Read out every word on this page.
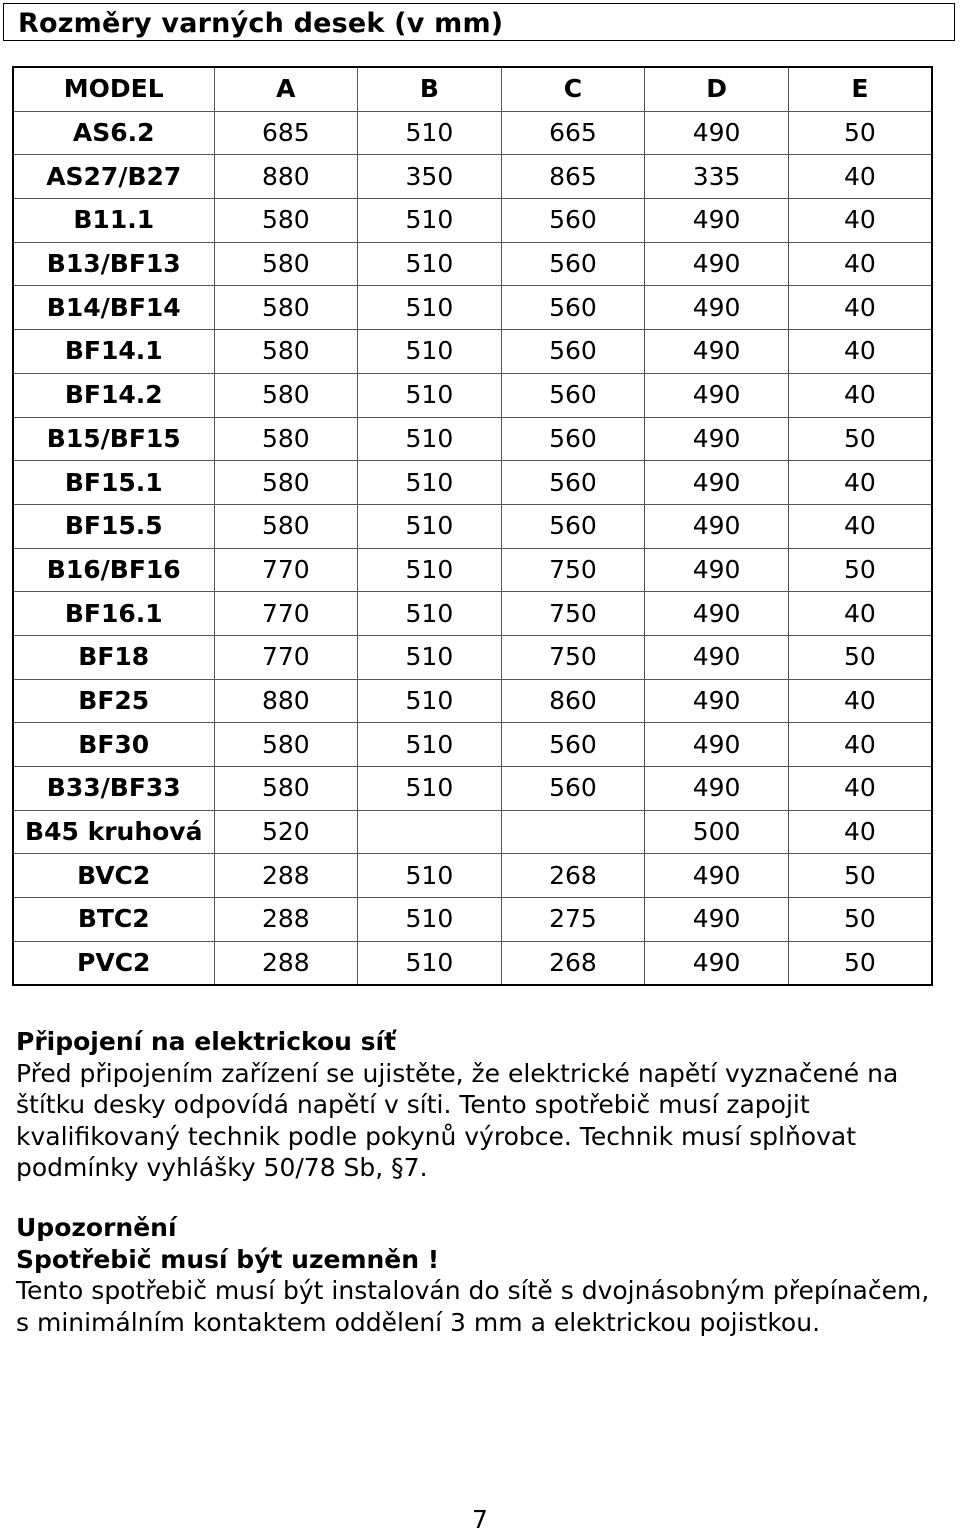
Rozměry varných desek (v mm)
MODEL	A	B	C	D	E
AS6.2	685	510	665	490	50
AS27/B27	880	350	865	335	40
B11.1	580	510	560	490	40
B13/BF13	580	510	560	490	40
B14/BF14	580	510	560	490	40
BF14.1	580	510	560	490	40
BF14.2	580	510	560	490	40
B15/BF15	580	510	560	490	50
BF15.1	580	510	560	490	40
BF15.5	580	510	560	490	40
B16/BF16	770	510	750	490	50
BF16.1	770	510	750	490	40
BF18	770	510	750	490	50
BF25	880	510	860	490	40
BF30	580	510	560	490	40
B33/BF33	580	510	560	490	40
B45 kruhová	520			500	40
BVC2	288	510	268	490	50
BTC2	288	510	275	490	50
PVC2	288	510	268	490	50

Připojení na elektrickou síť

Před připojením zařízení se ujistěte, že elektrické napětí vyznačené na štítku desky odpovídá napětí v síti. Tento spotřebič musí zapojit kvalifikovaný technik podle pokynů výrobce. Technik musí splňovat podmínky vyhlášky 50/78 Sb, §7.

Upozornění

Spotřebič musí být uzemněn !

Tento spotřebič musí být instalován do sítě s dvojnásobným přepínačem, s minimálním kontaktem oddělení 3 mm a elektrickou pojistkou.

7
